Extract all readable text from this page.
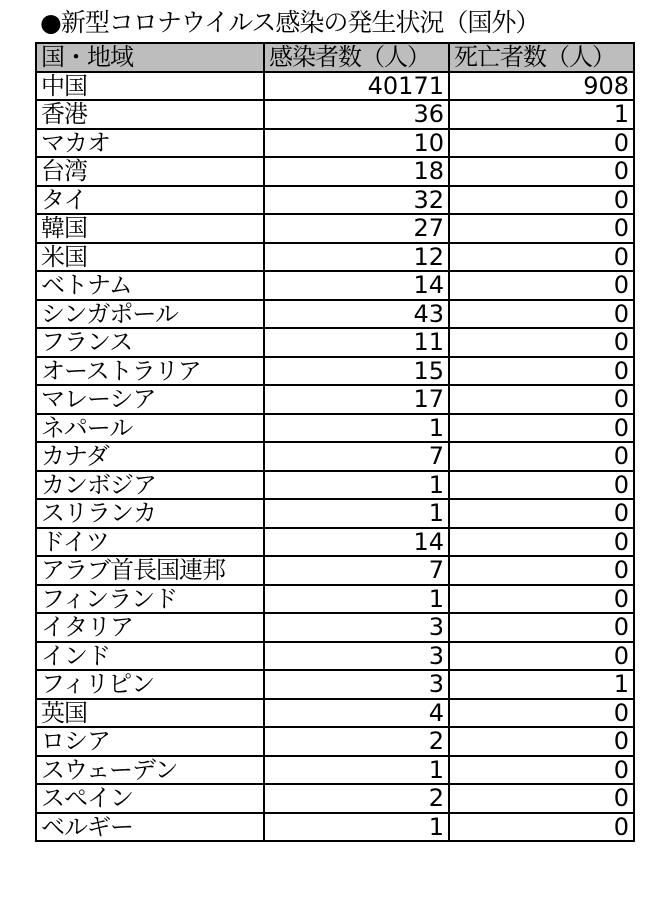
●新型コロナウイルス感染の発生状況（国外）
国・地域	感染者数（人）	死亡者数（人）
中国	40171	908
香港	36	1
マカオ	10	0
台湾	18	0
タイ	32	0
韓国	27	0
米国	12	0
ベトナム	14	0
シンガポール	43	0
フランス	11	0
オーストラリア	15	0
マレーシア	17	0
ネパール	1	0
カナダ	7	0
カンボジア	1	0
スリランカ	1	0
ドイツ	14	0
アラブ首長国連邦	7	0
フィンランド	1	0
イタリア	3	0
インド	3	0
フィリピン	3	1
英国	4	0
ロシア	2	0
スウェーデン	1	0
スペイン	2	0
ベルギー	1	0
